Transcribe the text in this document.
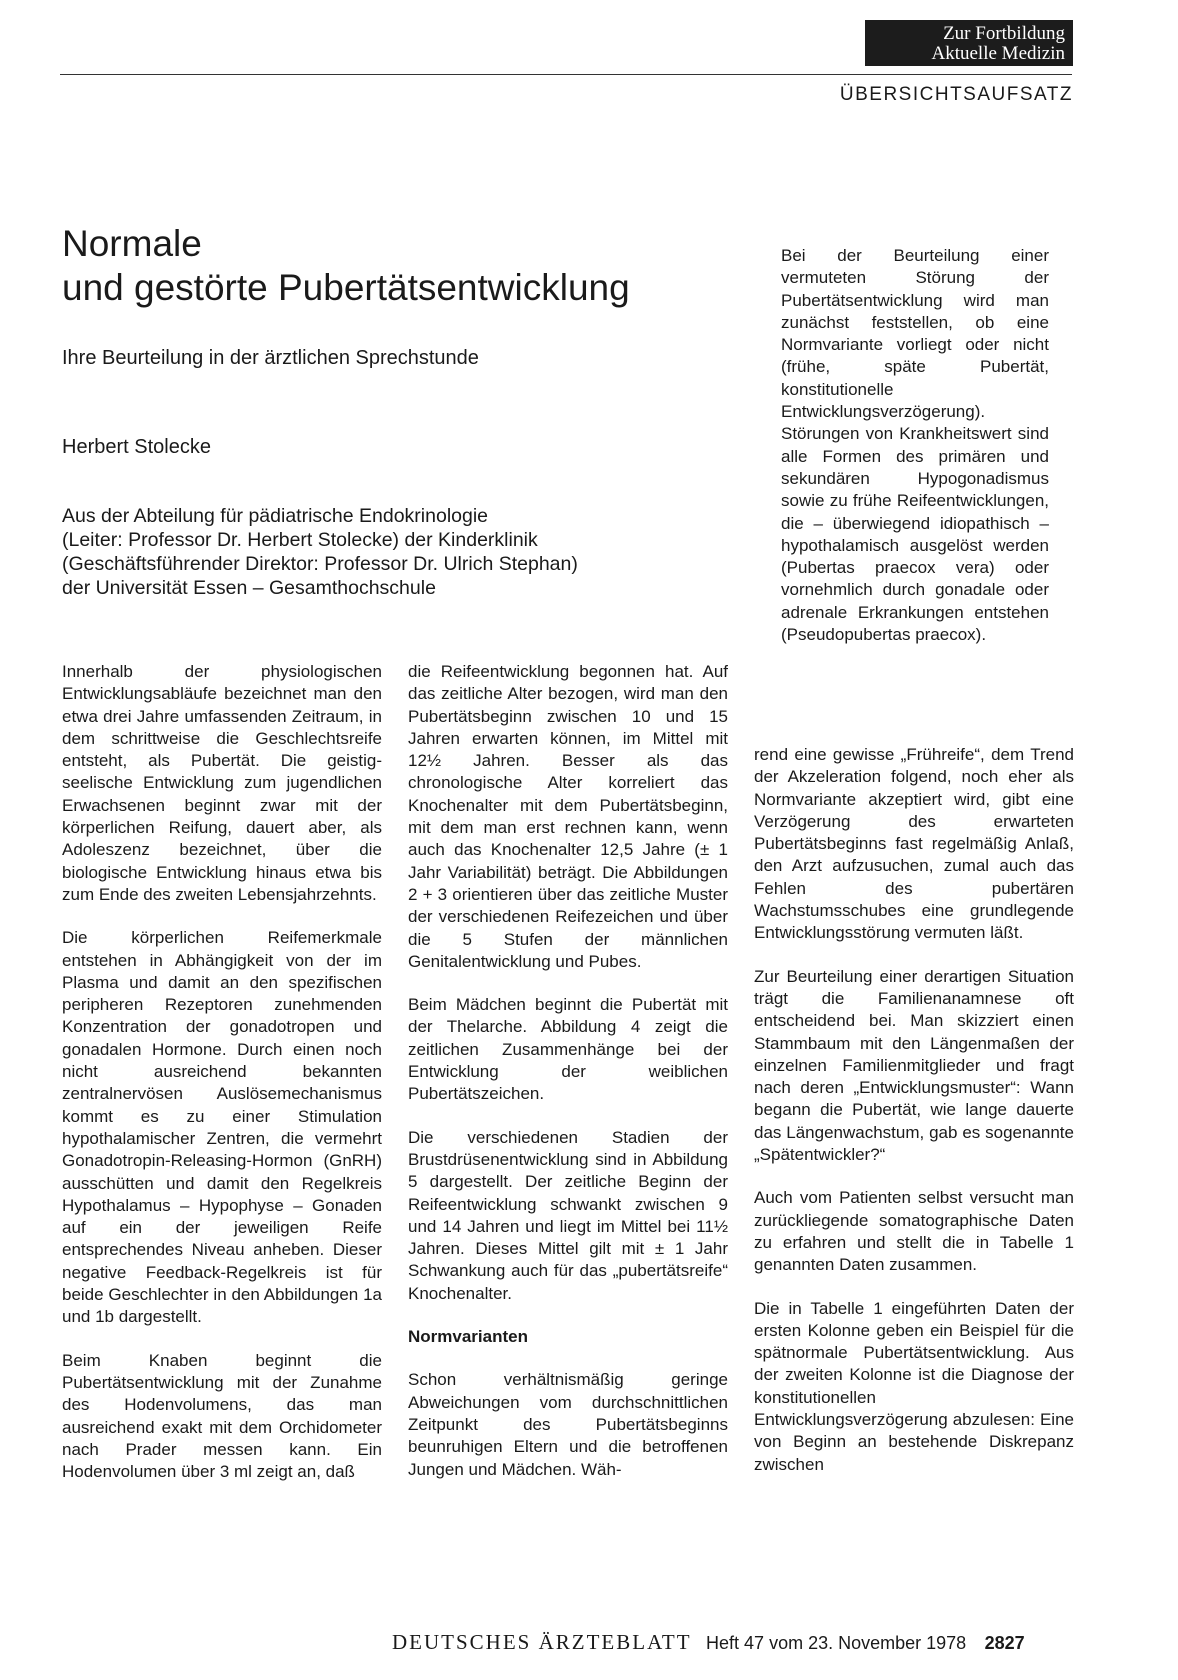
Zur Fortbildung
Aktuelle Medizin
ÜBERSICHTSAUFSATZ
Normale
und gestörte Pubertätsentwicklung
Ihre Beurteilung in der ärztlichen Sprechstunde
Herbert Stolecke
Aus der Abteilung für pädiatrische Endokrinologie
(Leiter: Professor Dr. Herbert Stolecke) der Kinderklinik
(Geschäftsführender Direktor: Professor Dr. Ulrich Stephan)
der Universität Essen – Gesamthochschule
Bei der Beurteilung einer vermuteten Störung der Pubertätsentwicklung wird man zunächst feststellen, ob eine Normvariante vorliegt oder nicht (frühe, späte Pubertät, konstitutionelle Entwicklungsverzögerung). Störungen von Krankheitswert sind alle Formen des primären und sekundären Hypogonadismus sowie zu frühe Reifeentwicklungen, die – überwiegend idiopathisch – hypothalamisch ausgelöst werden (Pubertas praecox vera) oder vornehmlich durch gonadale oder adrenale Erkrankungen entstehen (Pseudopubertas praecox).

Innerhalb der physiologischen Entwicklungsabläufe bezeichnet man den etwa drei Jahre umfassenden Zeitraum, in dem schrittweise die Geschlechtsreife entsteht, als Pubertät. Die geistig-seelische Entwicklung zum jugendlichen Erwachsenen beginnt zwar mit der körperlichen Reifung, dauert aber, als Adoleszenz bezeichnet, über die biologische Entwicklung hinaus etwa bis zum Ende des zweiten Lebensjahrzehnts.

Die körperlichen Reifemerkmale entstehen in Abhängigkeit von der im Plasma und damit an den spezifischen peripheren Rezeptoren zunehmenden Konzentration der gonadotropen und gonadalen Hormone. Durch einen noch nicht ausreichend bekannten zentralnervösen Auslösemechanismus kommt es zu einer Stimulation hypothalamischer Zentren, die vermehrt Gonadotropin-Releasing-Hormon (GnRH) ausschütten und damit den Regelkreis Hypothalamus – Hypophyse – Gonaden auf ein der jeweiligen Reife entsprechendes Niveau anheben. Dieser negative Feedback-Regelkreis ist für beide Geschlechter in den Abbildungen 1a und 1b dargestellt.

Beim Knaben beginnt die Pubertätsentwicklung mit der Zunahme des Hodenvolumens, das man ausreichend exakt mit dem Orchidometer nach Prader messen kann. Ein Hodenvolumen über 3 ml zeigt an, daß

die Reifeentwicklung begonnen hat. Auf das zeitliche Alter bezogen, wird man den Pubertätsbeginn zwischen 10 und 15 Jahren erwarten können, im Mittel mit 12½ Jahren. Besser als das chronologische Alter korreliert das Knochenalter mit dem Pubertätsbeginn, mit dem man erst rechnen kann, wenn auch das Knochenalter 12,5 Jahre (± 1 Jahr Variabilität) beträgt. Die Abbildungen 2 + 3 orientieren über das zeitliche Muster der verschiedenen Reifezeichen und über die 5 Stufen der männlichen Genitalentwicklung und Pubes.

Beim Mädchen beginnt die Pubertät mit der Thelarche. Abbildung 4 zeigt die zeitlichen Zusammenhänge bei der Entwicklung der weiblichen Pubertätszeichen.

Die verschiedenen Stadien der Brustdrüsenentwicklung sind in Abbildung 5 dargestellt. Der zeitliche Beginn der Reifeentwicklung schwankt zwischen 9 und 14 Jahren und liegt im Mittel bei 11½ Jahren. Dieses Mittel gilt mit ± 1 Jahr Schwankung auch für das „pubertätsreife“ Knochenalter.

Normvarianten

Schon verhältnismäßig geringe Abweichungen vom durchschnittlichen Zeitpunkt des Pubertätsbeginns beunruhigen Eltern und die betroffenen Jungen und Mädchen. Wäh-

rend eine gewisse „Frühreife“, dem Trend der Akzeleration folgend, noch eher als Normvariante akzeptiert wird, gibt eine Verzögerung des erwarteten Pubertätsbeginns fast regelmäßig Anlaß, den Arzt aufzusuchen, zumal auch das Fehlen des pubertären Wachstumsschubes eine grundlegende Entwicklungsstörung vermuten läßt.

Zur Beurteilung einer derartigen Situation trägt die Familienanamnese oft entscheidend bei. Man skizziert einen Stammbaum mit den Längenmaßen der einzelnen Familienmitglieder und fragt nach deren „Entwicklungsmuster“: Wann begann die Pubertät, wie lange dauerte das Längenwachstum, gab es sogenannte „Spätentwickler?“

Auch vom Patienten selbst versucht man zurückliegende somatographische Daten zu erfahren und stellt die in Tabelle 1 genannten Daten zusammen.

Die in Tabelle 1 eingeführten Daten der ersten Kolonne geben ein Beispiel für die spätnormale Pubertätsentwicklung. Aus der zweiten Kolonne ist die Diagnose der konstitutionellen Entwicklungsverzögerung abzulesen: Eine von Beginn an bestehende Diskrepanz zwischen

DEUTSCHES ÄRZTEBLATT Heft 47 vom 23. November 1978 2827
